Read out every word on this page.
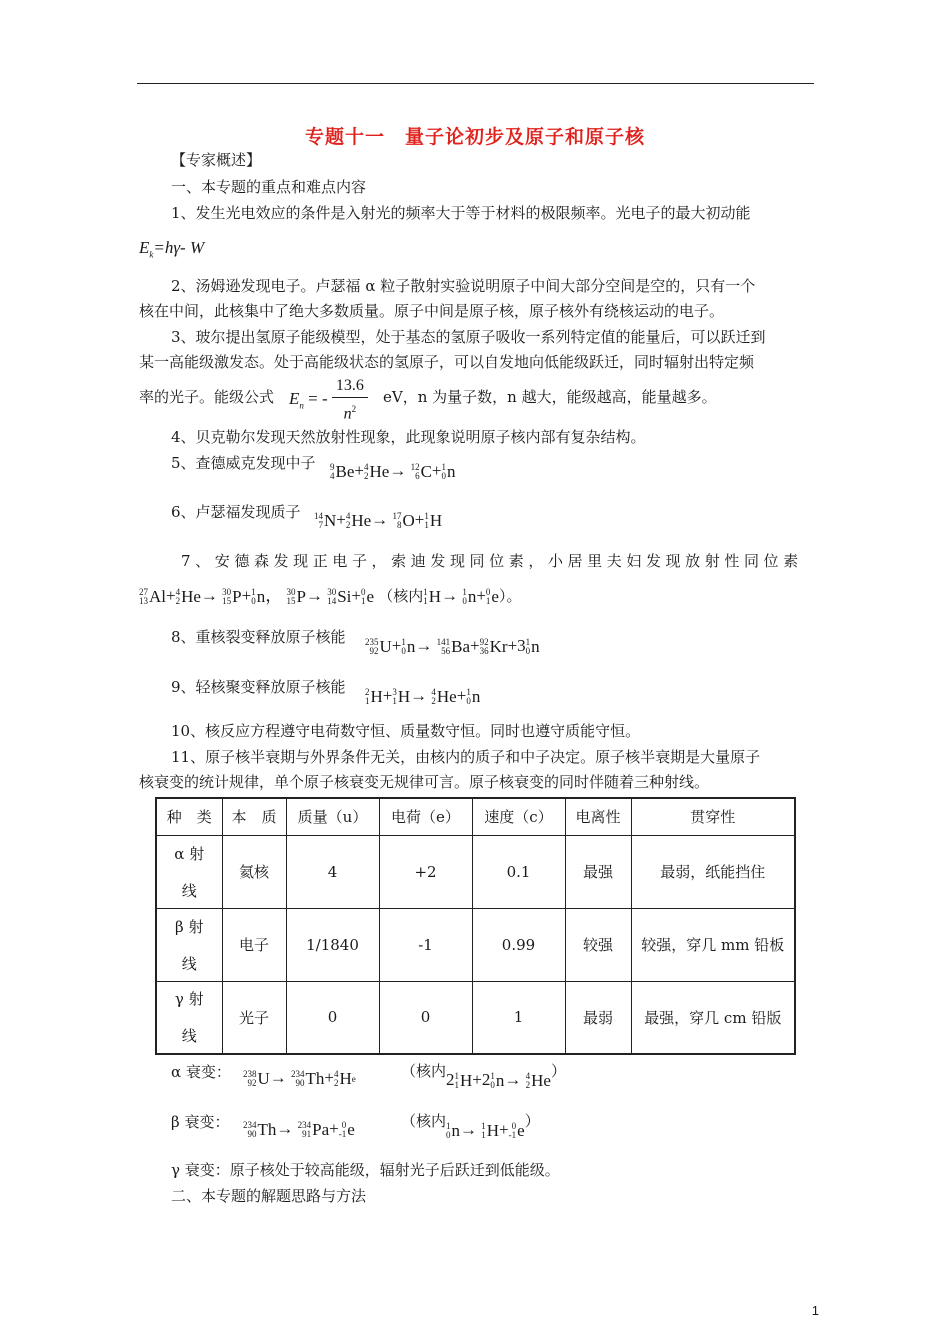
专题十一　量子论初步及原子和原子核
【专家概述】
一、本专题的重点和难点内容
1、发生光电效应的条件是入射光的频率大于等于材料的极限频率。光电子的最大初动能
$E_k=h\gamma-$ W
2、汤姆逊发现电子。卢瑟福 α 粒子散射实验说明原子中间大部分空间是空的，只有一个
核在中间，此核集中了绝大多数质量。原子中间是原子核，原子核外有绕核运动的电子。
3、玻尔提出氢原子能级模型，处于基态的氢原子吸收一系列特定值的能量后，可以跃迁到
某一高能级激发态。处于高能级状态的氢原子，可以自发地向低能级跃迁，同时辐射出特定频
率的光子。能级公式 $E_n$ = - $\frac{13.6}{n^2}$ eV，n 为量子数，n 越大，能级越高，能量越多。
4、贝克勒尔发现天然放射性现象，此现象说明原子核内部有复杂结构。
5、查德威克发现中子 9
4 Be+ 4
2 He→ 12
6 C+ 1
0 n
6、卢瑟福发现质子 14
7 N+ 4
2 He→ 17
8 O+ 1
1 H
7、安德森发现正电子，索迪发现同位素，小居里夫妇发现放射性同位素
27
13 Al+ 4
2 He→ 30
15 P+ 1
0 n， 30
15 P→ 30
14 Si+ 0
1 e （核内 1
1 H→ 1
0 n+ 0
1 e）。
8、重核裂变释放原子核能 235
92 U+ 1
0 n→ 141
56 Ba+ 92
36 Kr+3 1
0 n
9、轻核聚变释放原子核能 2
1 H+ 3
1 H→ 4
2 He+ 1
0 n
10、核反应方程遵守电荷数守恒、质量数守恒。同时也遵守质能守恒。
11、原子核半衰期与外界条件无关，由核内的质子和中子决定。原子核半衰期是大量原子
核衰变的统计规律，单个原子核衰变无规律可言。原子核衰变的同时伴随着三种射线。
种　类	本　质	质量（u）	电荷（e）	速度（c）	电离性	贯穿性

α 射
线	氦核	4	+2	0.1	最强	最弱，纸能挡住

β 射
线	电子	1/1840	-1	0.99	较强	较强，穿几 mm 铅板

γ 射
线	光子	0	0	1	最弱	最强，穿几 cm 铅版
α 衰变： 238
92 U→ 234
90 Th+ 4
2 H e	（核内2 1
1 H+2 1
0 n→ 4
2 He）
β 衰变： 234
90 Th→ 234
91 Pa+ 0
-1 e	（核内 1
0 n→ 1
1 H+ 0
-1 e）
γ 衰变：原子核处于较高能级，辐射光子后跃迁到低能级。
二、本专题的解题思路与方法
1
